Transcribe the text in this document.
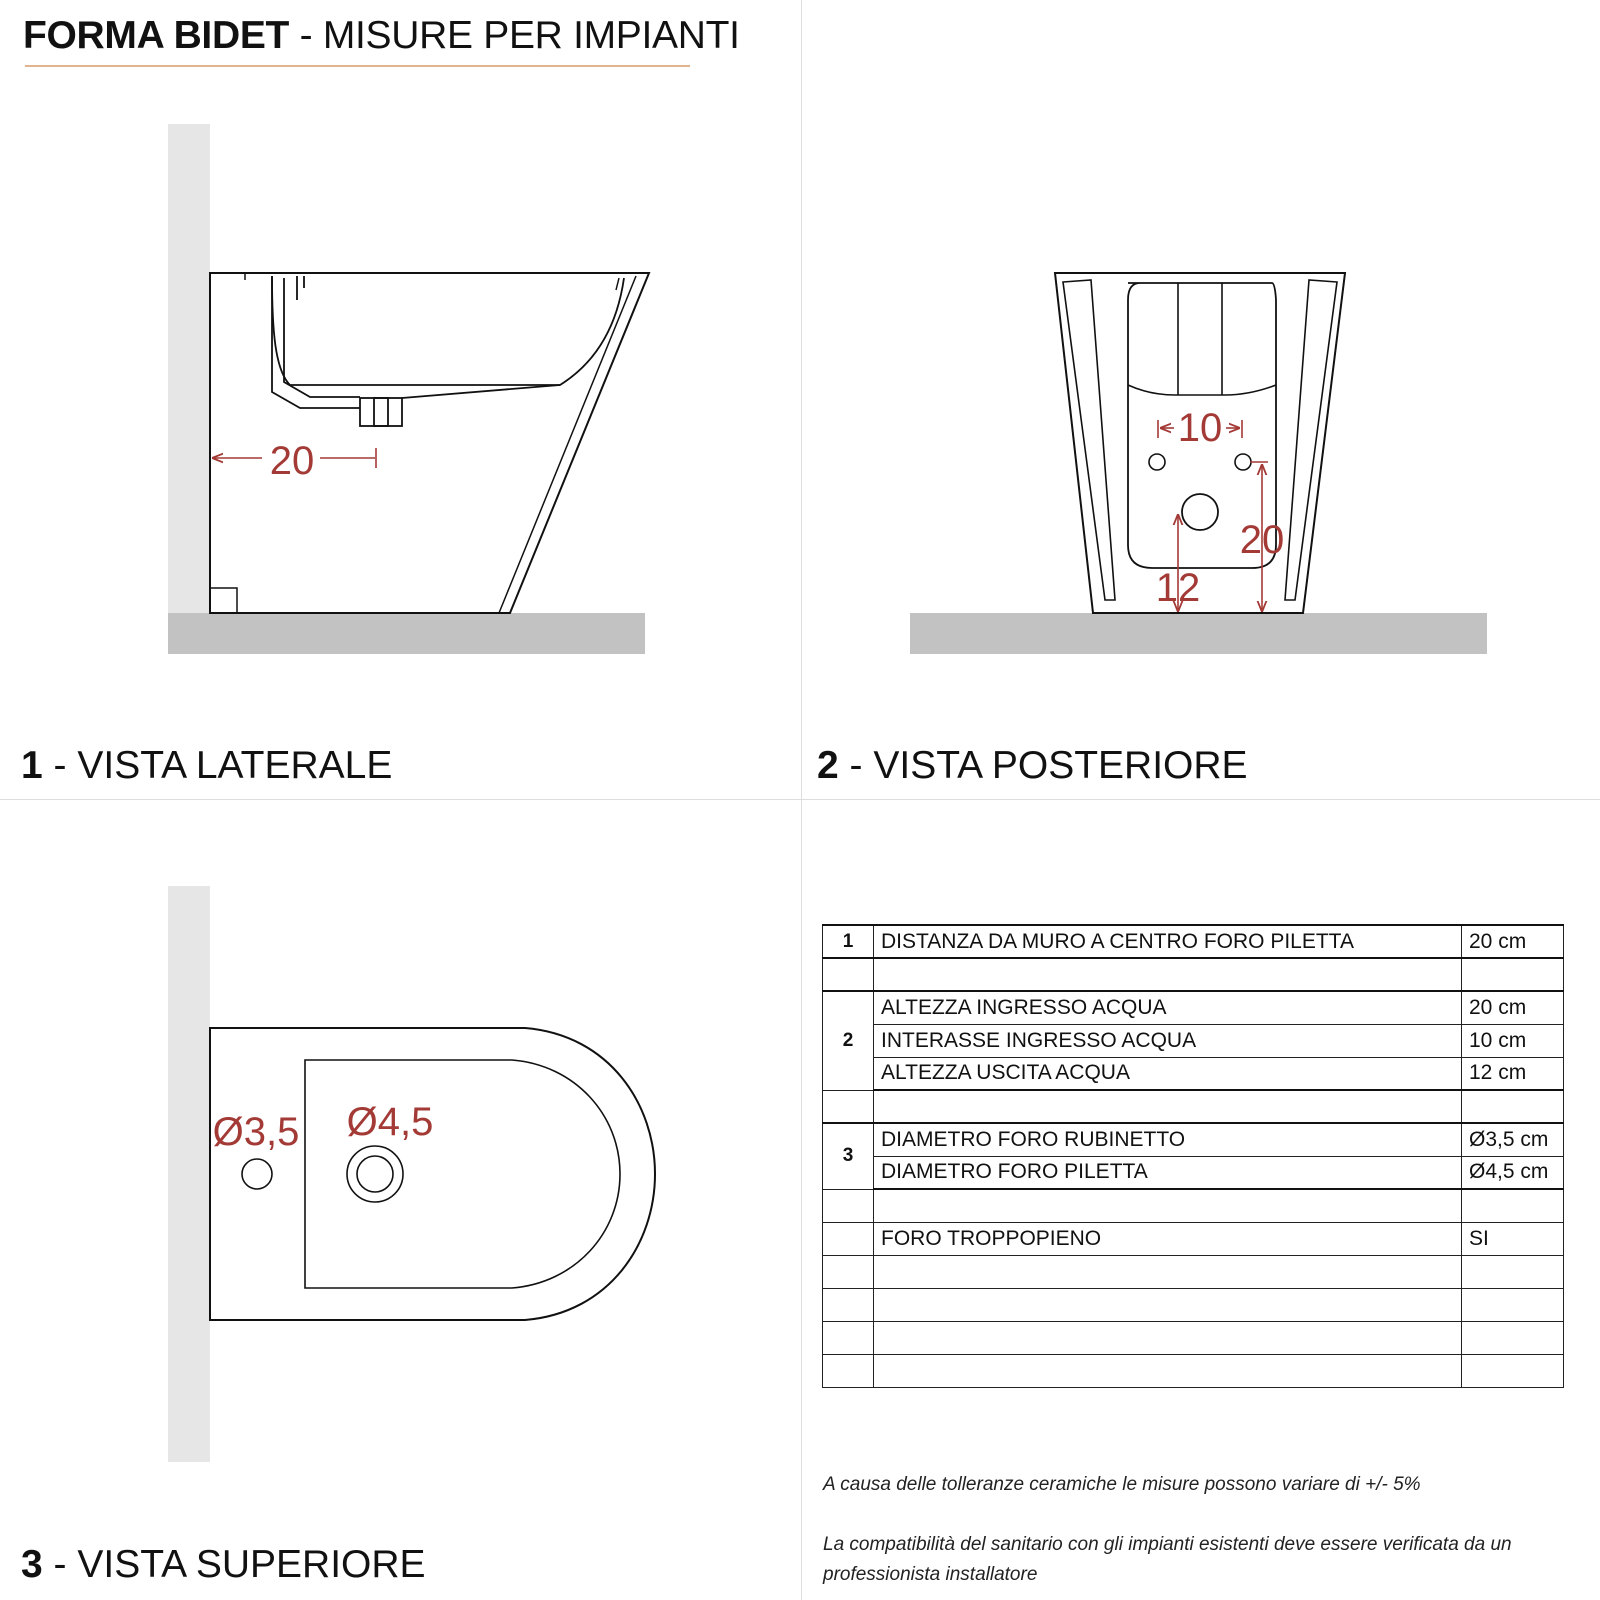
FORMA BIDET - MISURE PER IMPIANTI
20
10
20
12
Ø3,5 Ø4,5
1 - VISTA LATERALE	2 - VISTA POSTERIORE
3 - VISTA SUPERIORE
1	DISTANZA DA MURO A CENTRO FORO PILETTA	20 cm

2	ALTEZZA INGRESSO ACQUA	20 cm
	INTERASSE INGRESSO ACQUA	10 cm
	ALTEZZA USCITA ACQUA	12 cm

3	DIAMETRO FORO RUBINETTO	Ø3,5 cm
	DIAMETRO FORO PILETTA	Ø4,5 cm

	FORO TROPPOPIENO	SI

A causa delle tolleranze ceramiche le misure possono variare di +/- 5%
La compatibilità del sanitario con gli impianti esistenti deve essere verificata da un professionista installatore
